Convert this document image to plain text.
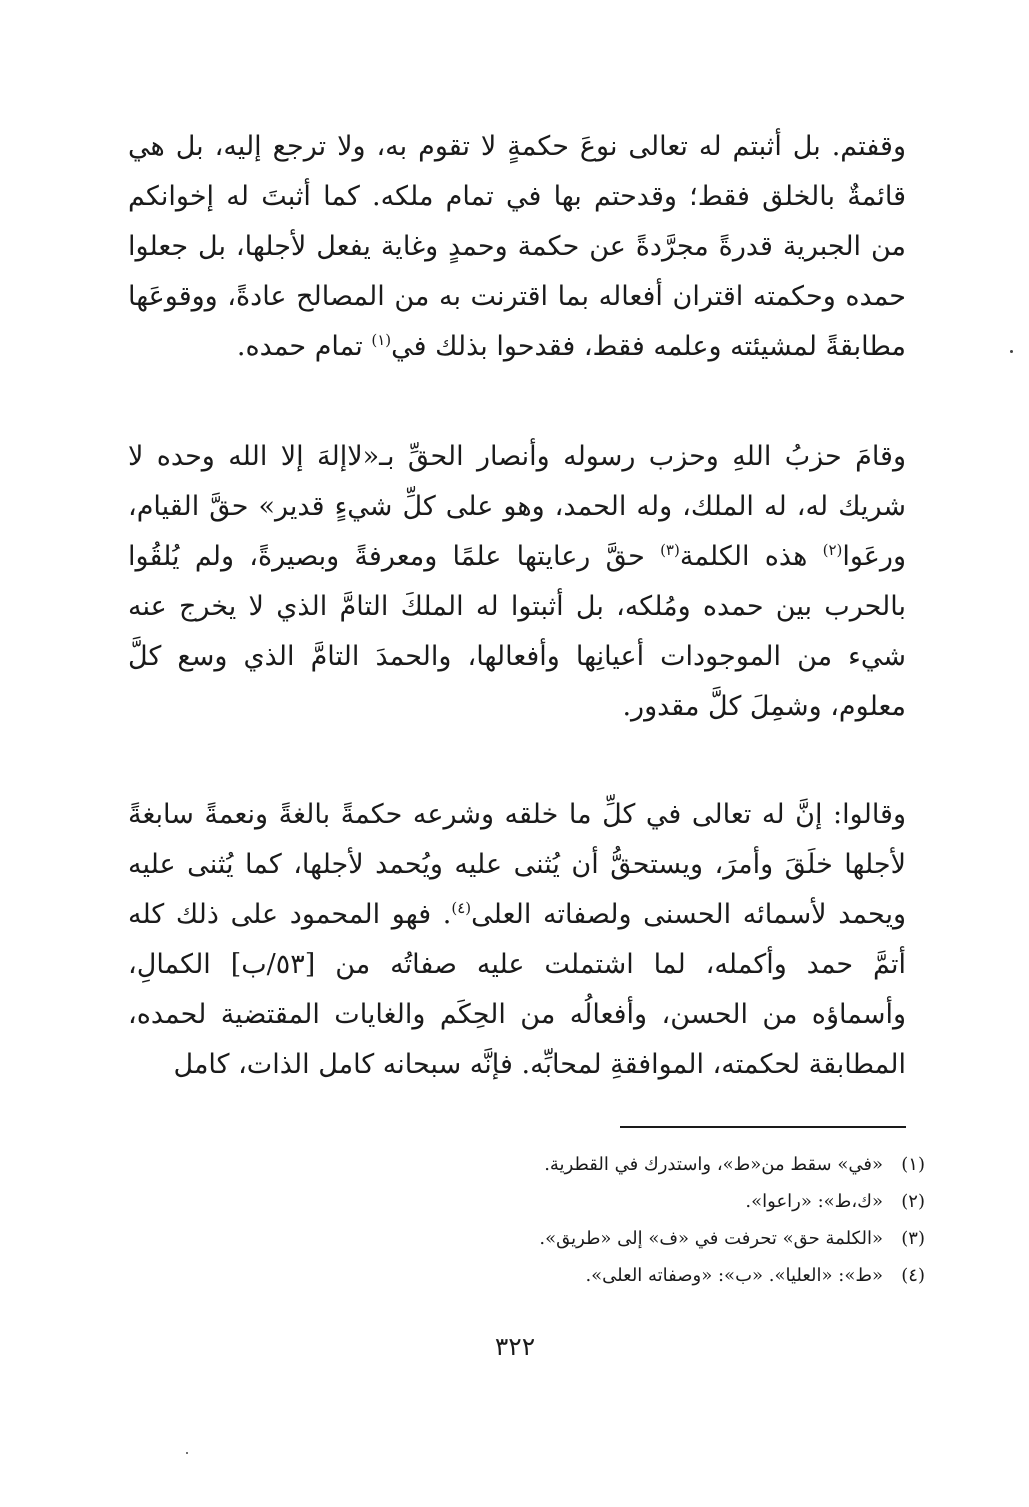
وقفتم. بل أثبتم له تعالى نوعَ حكمةٍ لا تقوم به، ولا ترجع إليه، بل هي قائمةٌ بالخلق فقط؛ وقدحتم بها في تمام ملكه. كما أثبتَ له إخوانكم من الجبرية قدرةً مجرَّدةً عن حكمة وحمدٍ وغاية يفعل لأجلها، بل جعلوا حمده وحكمته اقتران أفعاله بما اقترنت به من المصالح عادةً، ووقوعَها مطابقةً لمشيئته وعلمه فقط، فقدحوا بذلك في$^{(١)}$ تمام حمده.

وقامَ حزبُ اللهِ وحزب رسوله وأنصار الحقِّ بـ«لاإلهَ إلا الله وحده لا شريك له، له الملك، وله الحمد، وهو على كلِّ شيءٍ قدير» حقَّ القيام، ورعَوا$^{(٢)}$ هذه الكلمة$^{(٣)}$ حقَّ رعايتها علمًا ومعرفةً وبصيرةً، ولم يُلقُوا بالحرب بين حمده ومُلكه، بل أثبتوا له الملكَ التامَّ الذي لا يخرج عنه شيء من الموجودات أعيانِها وأفعالها، والحمدَ التامَّ الذي وسع كلَّ معلوم، وشمِلَ كلَّ مقدور.

وقالوا: إنَّ له تعالى في كلِّ ما خلقه وشرعه حكمةً بالغةً ونعمةً سابغةً لأجلها خلَقَ وأمرَ، ويستحقُّ أن يُثنى عليه ويُحمد لأجلها، كما يُثنى عليه ويحمد لأسمائه الحسنى ولصفاته العلى$^{(٤)}$. فهو المحمود على ذلك كله أتمَّ حمد وأكمله، لما اشتملت عليه صفاتُه من [٥٣/ب] الكمالِ، وأسماؤه من الحسن، وأفعالُه من الحِكَم والغايات المقتضية لحمده، المطابقة لحكمته، الموافقةِ لمحابِّه. فإنَّه سبحانه كامل الذات، كامل

(١)«في» سقط من«ط»، واستدرك في القطرية.
(٢)«ك،ط»: «راعوا».
(٣)«الكلمة حق» تحرفت في «ف» إلى «طريق».
(٤)«ط»: «العليا». «ب»: «وصفاته العلى».
٣٢٢
